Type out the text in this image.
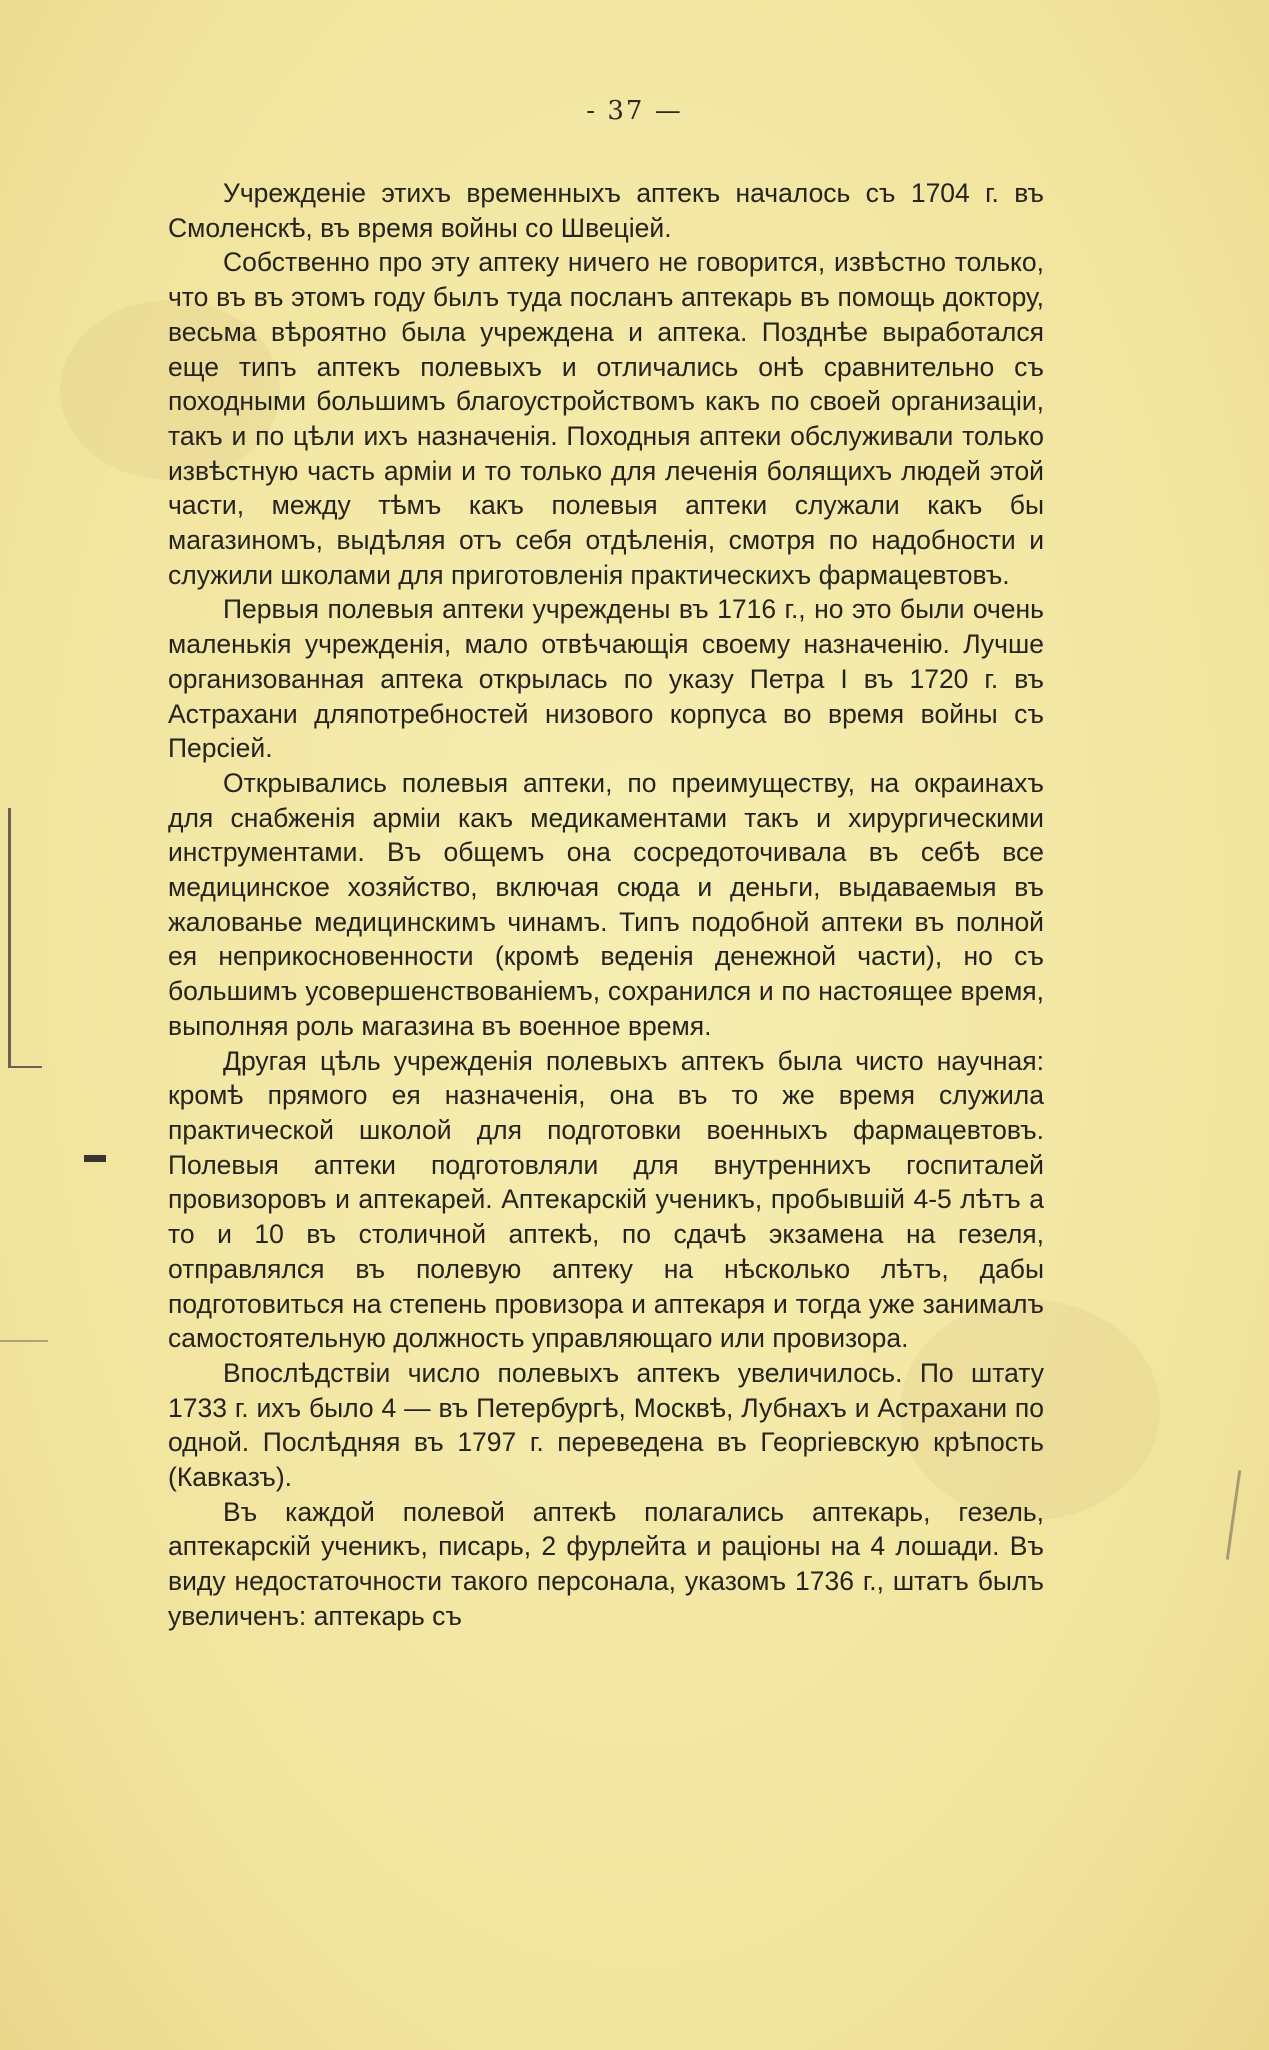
- 37 —

Учрежденіе этихъ временныхъ аптекъ началось съ 1704 г. въ Смоленскѣ, въ время войны со Швеціей.

Собственно про эту аптеку ничего не говорится, извѣстно только, что въ въ этомъ году былъ туда посланъ аптекарь въ помощь доктору, весьма вѣроятно была учреждена и аптека. Позднѣе выработался еще типъ аптекъ полевыхъ и отличались онѣ сравнительно съ походными большимъ благоустройствомъ какъ по своей организаціи, такъ и по цѣли ихъ назначенія. Походныя аптеки обслуживали только извѣстную часть арміи и то только для леченія болящихъ людей этой части, между тѣмъ какъ полевыя аптеки служали какъ бы магазиномъ, выдѣляя отъ себя отдѣленія, смотря по надобности и служили школами для приготовленія практическихъ фармацевтовъ.

Первыя полевыя аптеки учреждены въ 1716 г., но это были очень маленькія учрежденія, мало отвѣчающія своему назначенію. Лучше организованная аптека открылась по указу Петра I въ 1720 г. въ Астрахани дляпотребностей низового корпуса во время войны съ Персіей.

Открывались полевыя аптеки, по преимуществу, на окраинахъ для снабженія арміи какъ медикаментами такъ и хирургическими инструментами. Въ общемъ она сосредоточивала въ себѣ все медицинское хозяйство, включая сюда и деньги, выдаваемыя въ жалованье медицинскимъ чинамъ. Типъ подобной аптеки въ полной ея неприкосновенности (кромѣ веденія денежной части), но съ большимъ усовершенствованіемъ, сохранился и по настоящее время, выполняя роль магазина въ военное время.

Другая цѣль учрежденія полевыхъ аптекъ была чисто научная: кромѣ прямого ея назначенія, она въ то же время служила практической школой для подготовки военныхъ фармацевтовъ. Полевыя аптеки подготовляли для внутреннихъ госпиталей провизоровъ и аптекарей. Аптекарскій ученикъ, пробывшій 4-5 лѣтъ а то и 10 въ столичной аптекѣ, по сдачѣ экзамена на гезеля, отправлялся въ полевую аптеку на нѣсколько лѣтъ, дабы подготовиться на степень провизора и аптекаря и тогда уже занималъ самостоятельную должность управляющаго или провизора.

Впослѣдствіи число полевыхъ аптекъ увеличилось. По штату 1733 г. ихъ было 4 — въ Петербургѣ, Москвѣ, Лубнахъ и Астрахани по одной. Послѣдняя въ 1797 г. переведена въ Георгіевскую крѣпость (Кавказъ).

Въ каждой полевой аптекѣ полагались аптекарь, гезель, аптекарскій ученикъ, писарь, 2 фурлейта и раціоны на 4 лошади. Въ виду недостаточности такого персонала, указомъ 1736 г., штатъ былъ увеличенъ: аптекарь съ
